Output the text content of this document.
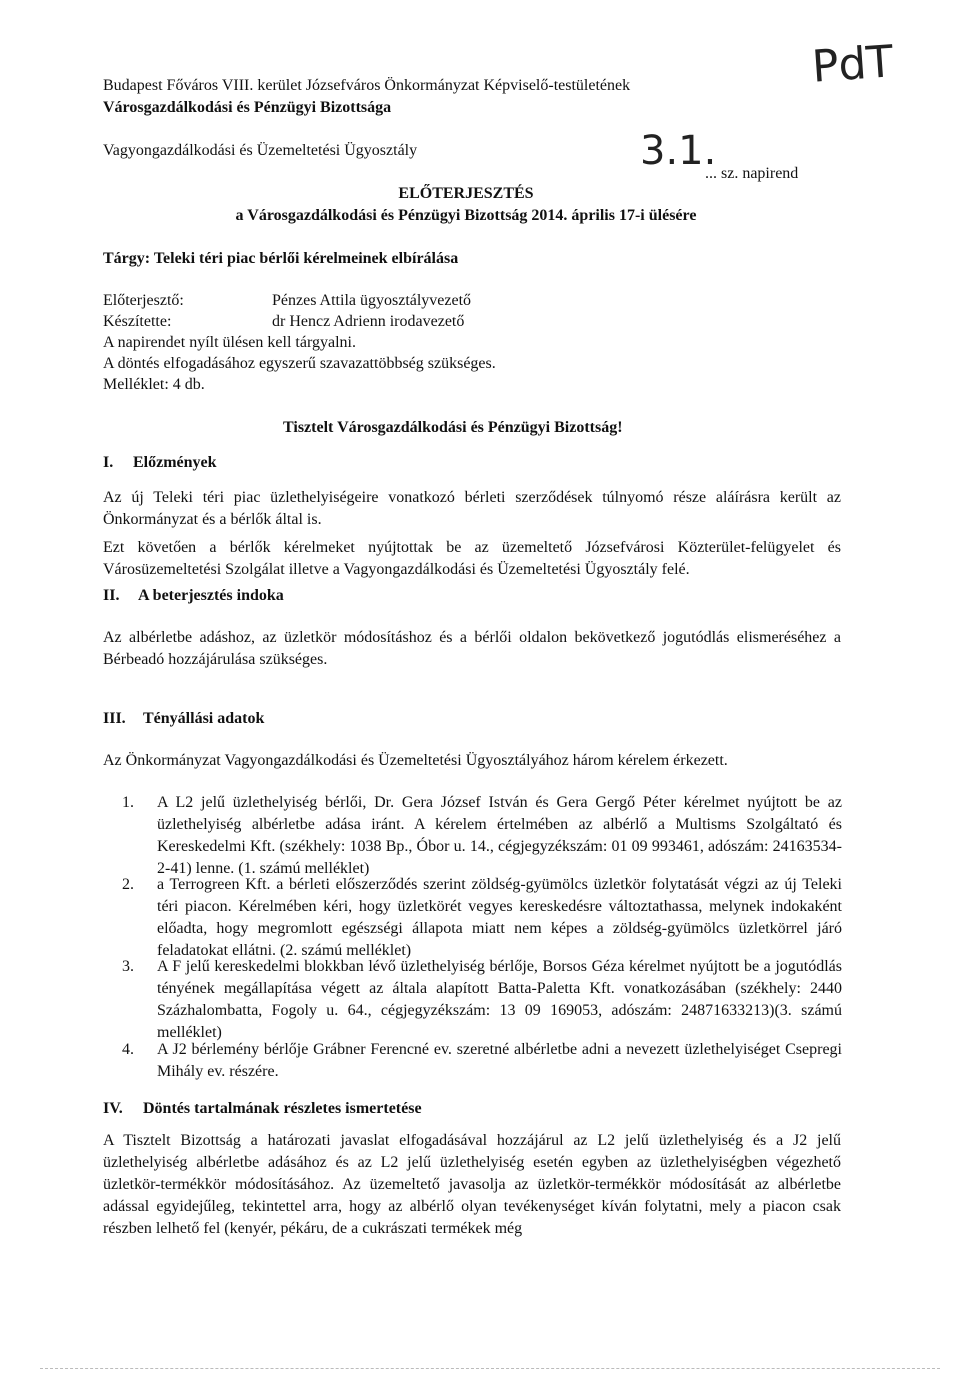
Budapest Főváros VIII. kerület Józsefváros Önkormányzat Képviselő-testületének
Városgazdálkodási és Pénzügyi Bizottsága
Vagyongazdálkodási és Üzemeltetési Ügyosztály
PdT
3.1.
... sz. napirend
ELŐTERJESZTÉS
a Városgazdálkodási és Pénzügyi Bizottság 2014. április 17-i ülésére
Tárgy: Teleki téri piac bérlői kérelmeinek elbírálása
Előterjesztő:	Pénzes Attila ügyosztályvezető
Készítette:	dr Hencz Adrienn irodavezető
A napirendet nyílt ülésen kell tárgyalni.
A döntés elfogadásához egyszerű szavazattöbbség szükséges.
Melléklet: 4 db.
Tisztelt Városgazdálkodási és Pénzügyi Bizottság!
I. Előzmények
Az új Teleki téri piac üzlethelyiségeire vonatkozó bérleti szerződések túlnyomó része aláírásra került az Önkormányzat és a bérlők által is.
Ezt követően a bérlők kérelmeket nyújtottak be az üzemeltető Józsefvárosi Közterület-felügyelet és Városüzemeltetési Szolgálat illetve a Vagyongazdálkodási és Üzemeltetési Ügyosztály felé.
II. A beterjesztés indoka
Az albérletbe adáshoz, az üzletkör módosításhoz és a bérlői oldalon bekövetkező jogutódlás elismeréséhez a Bérbeadó hozzájárulása szükséges.
III. Tényállási adatok
Az Önkormányzat Vagyongazdálkodási és Üzemeltetési Ügyosztályához három kérelem érkezett.
1.	A L2 jelű üzlethelyiség bérlői, Dr. Gera József István és Gera Gergő Péter kérelmet nyújtott be az üzlethelyiség albérletbe adása iránt. A kérelem értelmében az albérlő a Multisms Szolgáltató és Kereskedelmi Kft. (székhely: 1038 Bp., Óbor u. 14., cégjegyzékszám: 01 09 993461, adószám: 24163534-2-41) lenne. (1. számú melléklet)
2.	a Terrogreen Kft. a bérleti előszerződés szerint zöldség-gyümölcs üzletkör folytatását végzi az új Teleki téri piacon. Kérelmében kéri, hogy üzletkörét vegyes kereskedésre változtathassa, melynek indokaként előadta, hogy megromlott egészségi állapota miatt nem képes a zöldség-gyümölcs üzletkörrel járó feladatokat ellátni. (2. számú melléklet)
3.	A F jelű kereskedelmi blokkban lévő üzlethelyiség bérlője, Borsos Géza kérelmet nyújtott be a jogutódlás tényének megállapítása végett az általa alapított Batta-Paletta Kft. vonatkozásában (székhely: 2440 Százhalombatta, Fogoly u. 64., cégjegyzékszám: 13 09 169053, adószám: 24871633213)(3. számú melléklet)
4.	A J2 bérlemény bérlője Grábner Ferencné ev. szeretné albérletbe adni a nevezett üzlethelyiséget Csepregi Mihály ev. részére.
IV. Döntés tartalmának részletes ismertetése
A Tisztelt Bizottság a határozati javaslat elfogadásával hozzájárul az L2 jelű üzlethelyiség és a J2 jelű üzlethelyiség albérletbe adásához és az L2 jelű üzlethelyiség esetén egyben az üzlethelyiségben végezhető üzletkör-termékkör módosításához. Az üzemeltető javasolja az üzletkör-termékkör módosítását az albérletbe adással egyidejűleg, tekintettel arra, hogy az albérlő olyan tevékenységet kíván folytatni, mely a piacon csak részben lelhető fel (kenyér, pékáru, de a cukrászati termékek még
